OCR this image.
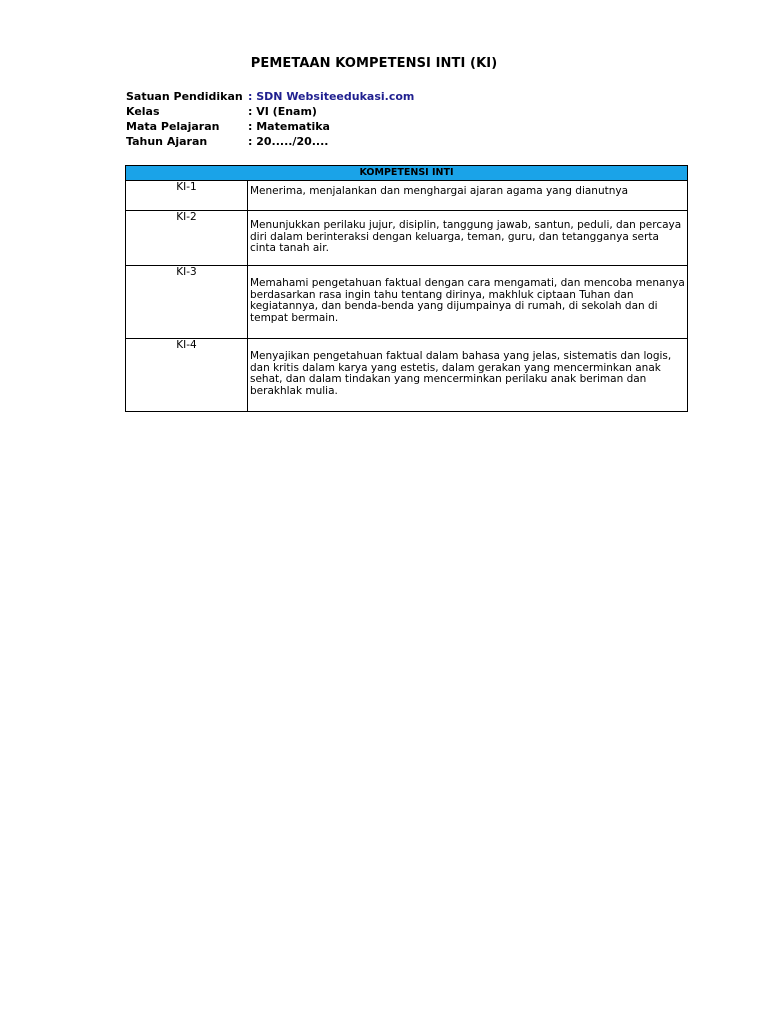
PEMETAAN KOMPETENSI INTI (KI)
Satuan Pendidikan : SDN Websiteedukasi.com
Kelas	: VI (Enam)
Mata Pelajaran	: Matematika
Tahun Ajaran	: 20...../20....
KOMPETENSI INTI	
KI-1	Menerima, menjalankan dan menghargai ajaran agama yang dianutnya
KI-2	Menunjukkan perilaku jujur, disiplin, tanggung jawab, santun, peduli, dan percaya diri dalam berinteraksi dengan keluarga, teman, guru, dan tetangganya serta cinta tanah air.
KI-3	Memahami pengetahuan faktual dengan cara mengamati, dan mencoba menanya berdasarkan rasa ingin tahu tentang dirinya, makhluk ciptaan Tuhan dan kegiatannya, dan benda-benda yang dijumpainya di rumah, di sekolah dan di tempat bermain.
KI-4	Menyajikan pengetahuan faktual dalam bahasa yang jelas, sistematis dan logis, dan kritis dalam karya yang estetis, dalam gerakan yang mencerminkan anak sehat, dan dalam tindakan yang mencerminkan perilaku anak beriman dan berakhlak mulia.
